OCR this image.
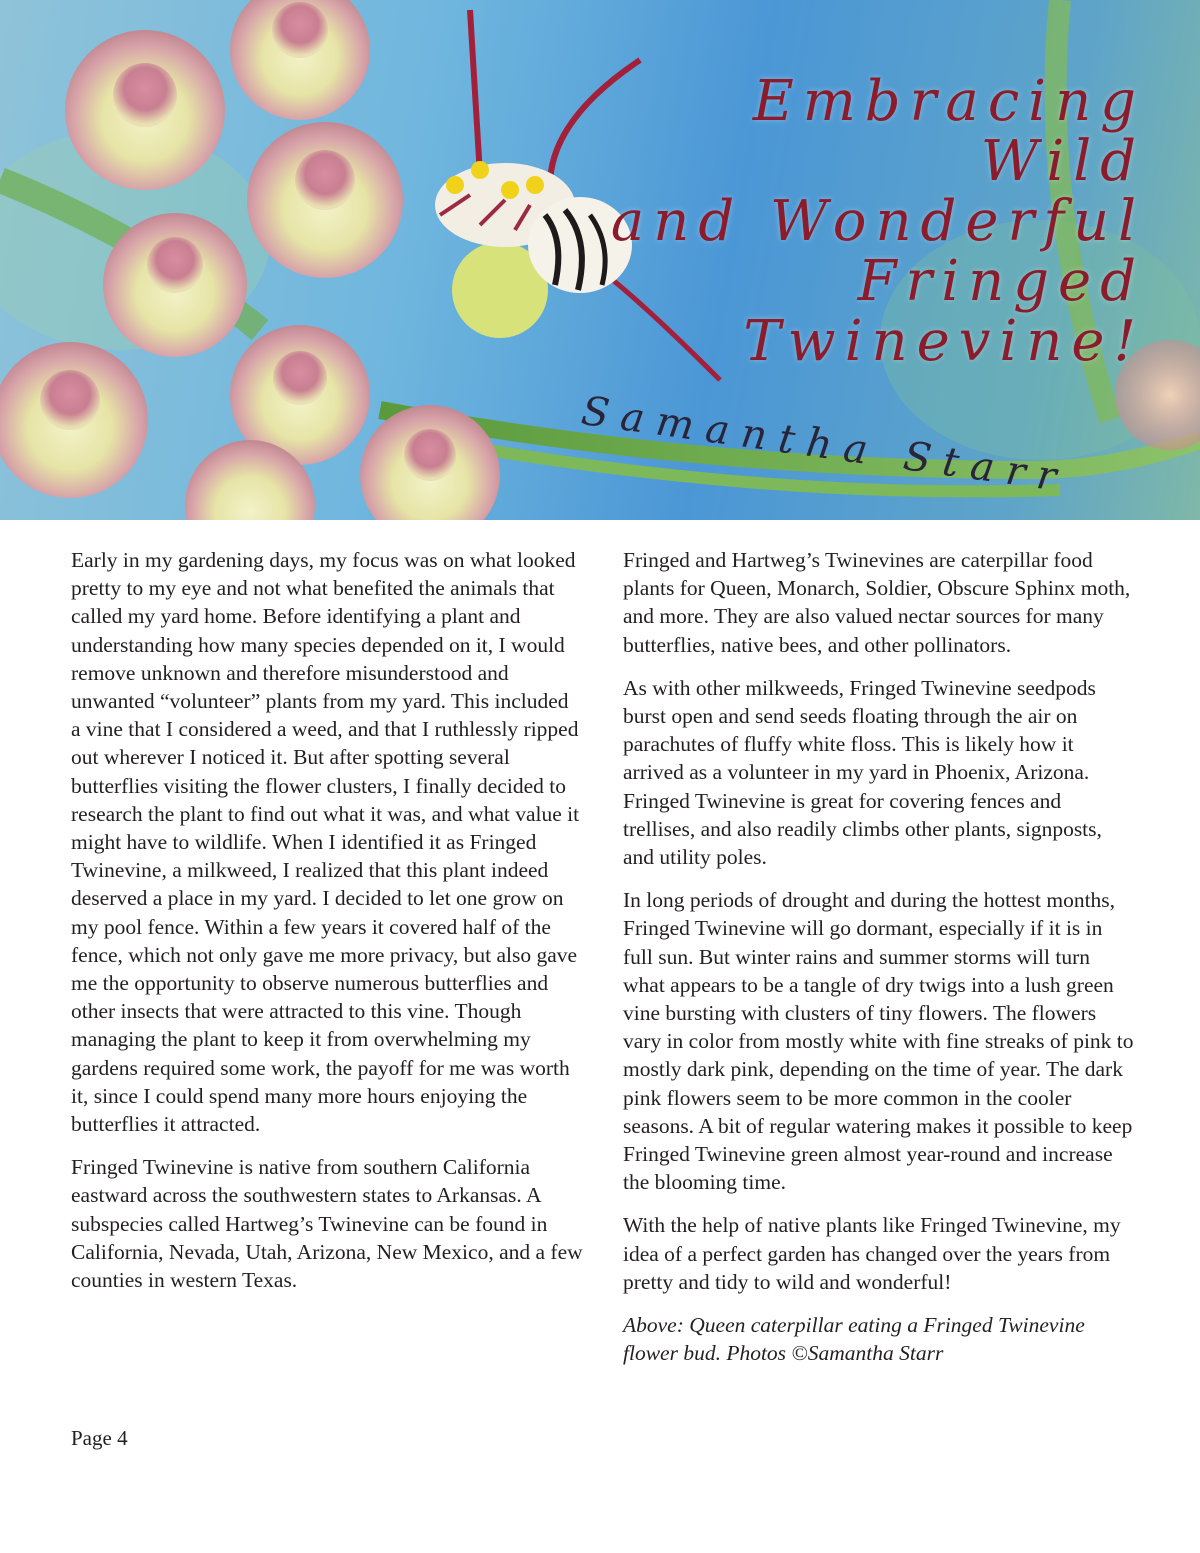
Embracing Wild
and Wonderful
Fringed
Twinevine!
Samantha Starr

Early in my gardening days, my focus was on what looked pretty to my eye and not what benefited the animals that called my yard home. Before identifying a plant and understanding how many species depended on it, I would remove unknown and therefore misunderstood and unwanted “volunteer” plants from my yard. This included a vine that I considered a weed, and that I ruthlessly ripped out wherever I noticed it. But after spotting several butterflies visiting the flower clusters, I finally decided to research the plant to find out what it was, and what value it might have to wildlife. When I identified it as Fringed Twinevine, a milkweed, I realized that this plant indeed deserved a place in my yard. I decided to let one grow on my pool fence. Within a few years it covered half of the fence, which not only gave me more privacy, but also gave me the opportunity to observe numerous butterflies and other insects that were attracted to this vine. Though managing the plant to keep it from overwhelming my gardens required some work, the payoff for me was worth it, since I could spend many more hours enjoying the butterflies it attracted.

Fringed Twinevine is native from southern California eastward across the southwestern states to Arkansas. A subspecies called Hartweg’s Twinevine can be found in California, Nevada, Utah, Arizona, New Mexico, and a few counties in western Texas.

Fringed and Hartweg’s Twinevines are caterpillar food plants for Queen, Monarch, Soldier, Obscure Sphinx moth, and more. They are also valued nectar sources for many butterflies, native bees, and other pollinators.

As with other milkweeds, Fringed Twinevine seedpods burst open and send seeds floating through the air on parachutes of fluffy white floss. This is likely how it arrived as a volunteer in my yard in Phoenix, Arizona. Fringed Twinevine is great for covering fences and trellises, and also readily climbs other plants, signposts, and utility poles.

In long periods of drought and during the hottest months, Fringed Twinevine will go dormant, especially if it is in full sun. But winter rains and summer storms will turn what appears to be a tangle of dry twigs into a lush green vine bursting with clusters of tiny flowers. The flowers vary in color from mostly white with fine streaks of pink to mostly dark pink, depending on the time of year. The dark pink flowers seem to be more common in the cooler seasons. A bit of regular watering makes it possible to keep Fringed Twinevine green almost year-round and increase the blooming time.

With the help of native plants like Fringed Twinevine, my idea of a perfect garden has changed over the years from pretty and tidy to wild and wonderful!

Above: Queen caterpillar eating a Fringed Twinevine flower bud. Photos ©Samantha Starr

Page 4
